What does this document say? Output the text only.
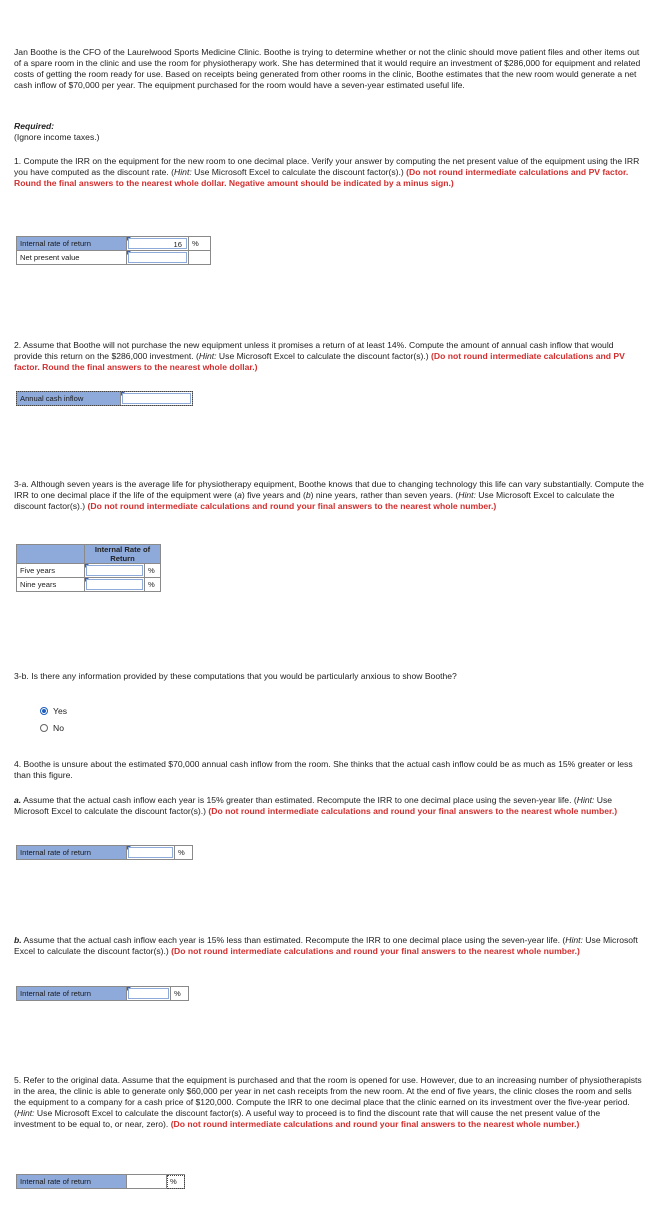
Jan Boothe is the CFO of the Laurelwood Sports Medicine Clinic. Boothe is trying to determine whether or not the clinic should move patient files and other items out of a spare room in the clinic and use the room for physiotherapy work. She has determined that it would require an investment of $286,000 for equipment and related costs of getting the room ready for use. Based on receipts being generated from other rooms in the clinic, Boothe estimates that the new room would generate a net cash inflow of $70,000 per year. The equipment purchased for the room would have a seven-year estimated useful life.

Required:

(Ignore income taxes.)

1. Compute the IRR on the equipment for the new room to one decimal place. Verify your answer by computing the net present value of the equipment using the IRR you have computed as the discount rate. (Hint: Use Microsoft Excel to calculate the discount factor(s).) (Do not round intermediate calculations and PV factor. Round the final answers to the nearest whole dollar. Negative amount should be indicated by a minus sign.)

Internal rate of return	16	%
Net present value	

2. Assume that Boothe will not purchase the new equipment unless it promises a return of at least 14%. Compute the amount of annual cash inflow that would provide this return on the $286,000 investment. (Hint: Use Microsoft Excel to calculate the discount factor(s).) (Do not round intermediate calculations and PV factor. Round the final answers to the nearest whole dollar.)

Annual cash inflow	

3-a. Although seven years is the average life for physiotherapy equipment, Boothe knows that due to changing technology this life can vary substantially. Compute the IRR to one decimal place if the life of the equipment were (a) five years and (b) nine years, rather than seven years. (Hint: Use Microsoft Excel to calculate the discount factor(s).) (Do not round intermediate calculations and round your final answers to the nearest whole number.)

	Internal Rate of Return	
Five years		%
Nine years		%

3-b. Is there any information provided by these computations that you would be particularly anxious to show Boothe?

Yes
No

4. Boothe is unsure about the estimated $70,000 annual cash inflow from the room. She thinks that the actual cash inflow could be as much as 15% greater or less than this figure.

a. Assume that the actual cash inflow each year is 15% greater than estimated. Recompute the IRR to one decimal place using the seven-year life. (Hint: Use Microsoft Excel to calculate the discount factor(s).) (Do not round intermediate calculations and round your final answers to the nearest whole number.)

Internal rate of return		%

b. Assume that the actual cash inflow each year is 15% less than estimated. Recompute the IRR to one decimal place using the seven-year life. (Hint: Use Microsoft Excel to calculate the discount factor(s).) (Do not round intermediate calculations and round your final answers to the nearest whole number.)

Internal rate of return		%

5. Refer to the original data. Assume that the equipment is purchased and that the room is opened for use. However, due to an increasing number of physiotherapists in the area, the clinic is able to generate only $60,000 per year in net cash receipts from the new room. At the end of five years, the clinic closes the room and sells the equipment to a company for a cash price of $120,000. Compute the IRR to one decimal place that the clinic earned on its investment over the five-year period. (Hint: Use Microsoft Excel to calculate the discount factor(s). A useful way to proceed is to find the discount rate that will cause the net present value of the investment to be equal to, or near, zero). (Do not round intermediate calculations and round your final answers to the nearest whole number.)

Internal rate of return		%
